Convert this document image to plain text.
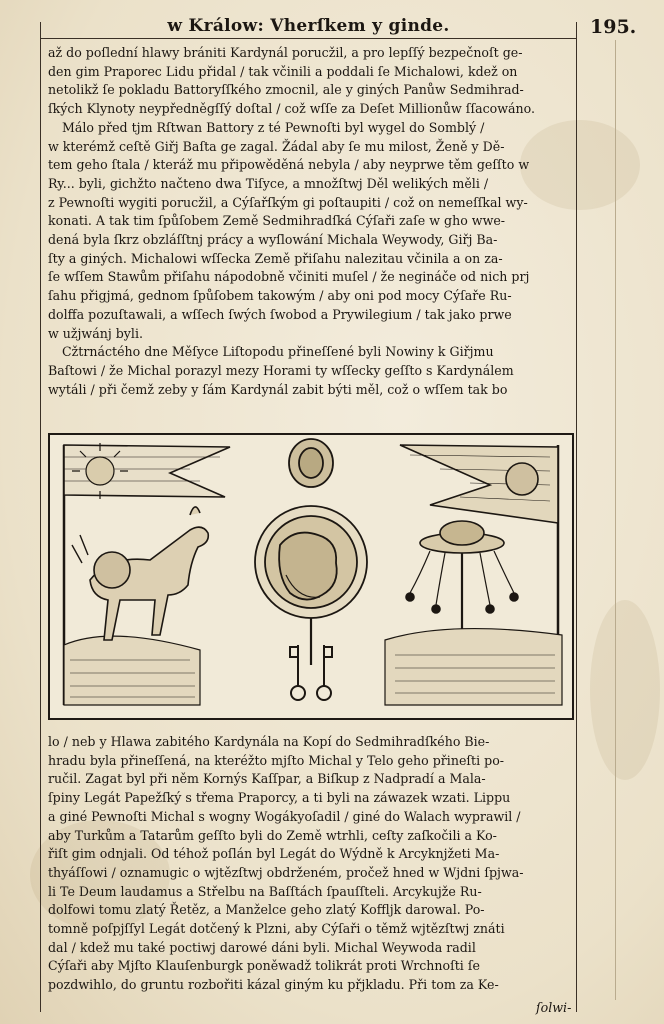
w Králow: Vherſkem y ginde.	195.

až do poſlední hlawy brániti Kardynál porucžil, a pro lepſſý bezpečnoſt ge-

den gim Praporec Lidu přidal / tak včinili a poddali ſe Michalowi, kdež on

netolikž ſe pokladu Battoryſſkého zmocnil, ale y giných Panůw Sedmihrad-

ſkých Klynoty neypředněgſſý doſtal / což wſſe za Deſet Millionůw ſſacowáno.

Málo před tjm Rſtwan Battory z té Pewnoſti byl wygel do Somblý /

w kterémž ceſtě Giřj Baſta ge zagal. Žádal aby ſe mu milost, Ženě y Dě-

tem geho ſtala / kteráž mu připowěděná nebyla / aby neyprwe těm geſſto w

Ry... byli, gichžto načteno dwa Tiſyce, a množſtwj Děl welikých měli /

z Pewnoſti wygiti porucžil, a Cýſařſkým gi poſtaupiti / což on nemeſſkal wy-

konati. A tak tim ſpůſobem Země Sedmihradſká Cýſaři zaſe w gho wwe-

dená byla ſkrz obzláſſtnj prácy a wyſlowání Michala Weywody, Giřj Ba-

ſty a giných. Michalowi wſſecka Země přiſahu nalezitau včinila a on za-

ſe wſſem Stawům přiſahu nápodobně včiniti muſel / že negináče od nich prj

ſahu přigjmá, gednom ſpůſobem takowým / aby oni pod mocy Cýſaře Ru-

dolffa pozuſtawali, a wſſech ſwých ſwobod a Prywilegium / tak jako prwe

w užjwánj byli.

Cžtrnáctého dne Měſyce Liſtopodu přineſſené byli Nowiny k Giřjmu

Baſtowi / že Michal porazyl mezy Horami ty wſſecky geſſto s Kardynálem

wytáli / při čemž zeby y ſám Kardynál zabit býti měl, což o wſſem tak bo

lo / neb y Hlawa zabitého Kardynála na Kopí do Sedmihradſkého Bie-

hradu byla přineſſená, na kteréžto mjſto Michal y Telo geho přineſti po-

ručil. Zagat byl při něm Kornýs Kaſſpar, a Biſkup z Nadpradí a Mala-

ſpiny Legát Papežſký s třema Praporcy, a ti byli na záwazek wzati. Lippu

a giné Pewnoſti Michal s wogny Wogákyoſadil / giné do Walach wyprawil /

aby Turkům a Tatarům geſſto byli do Země wtrhli, ceſty zaſkočili a Ko-

řiſt gim odnjali. Od téhož poſlán byl Legát do Wýdně k Arcyknjžeti Ma-

thyáſſowi / oznamugic o wjtězſtwj obdrženém, pročež hned w Wjdni ſpjwa-

li Te Deum laudamus a Střelbu na Baſſtách ſpauſſteli. Arcykujže Ru-

dolfowi tomu zlatý Řetěz, a Manželce geho zlatý Koffljk darowal. Po-

tomně poſpjſſyl Legát dotčený k Plzni, aby Cýſaři o těmž wjtězſtwj znáti

dal / kdež mu také poctiwj darowé dáni byli. Michal Weywoda radil

Cýſaři aby Mjſto Klauſenburgk poněwadž tolikrát proti Wrchnoſti ſe

pozdwihlo, do gruntu rozbořiti kázal giným ku přjkladu. Při tom za Ke-

ſolwi-
